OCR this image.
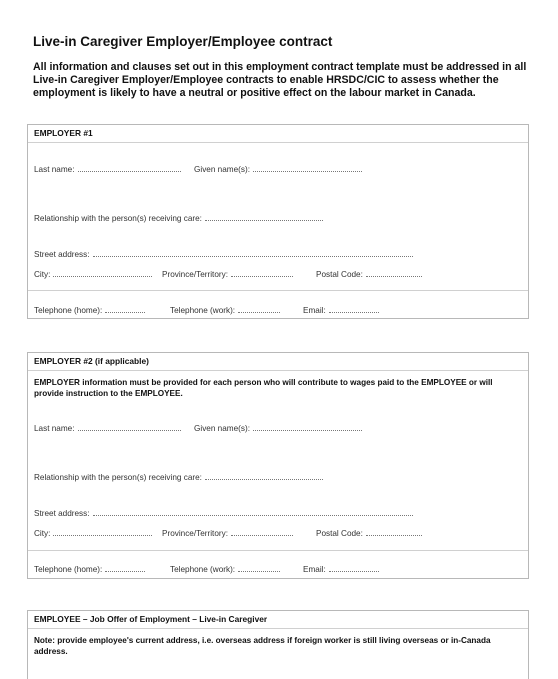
Live-in Caregiver Employer/Employee contract
All information and clauses set out in this employment contract template must be addressed in all Live-in Caregiver Employer/Employee contracts to enable HRSDC/CIC to assess whether the employment is likely to have a neutral or positive effect on the labour market in Canada.
EMPLOYER #1
Last name:	Given name(s):
Relationship with the person(s) receiving care:
Street address:
City:	Province/Territory:	Postal Code:
Telephone (home):	Telephone (work):	Email:
EMPLOYER #2 (if applicable)
EMPLOYER information must be provided for each person who will contribute to wages paid to the EMPLOYEE or will provide instruction to the EMPLOYEE.
Last name:	Given name(s):
Relationship with the person(s) receiving care:
Street address:
City:	Province/Territory:	Postal Code:
Telephone (home):	Telephone (work):	Email:
EMPLOYEE – Job Offer of Employment – Live-in Caregiver
Note: provide employee's current address, i.e. overseas address if foreign worker is still living overseas or in-Canada address.
